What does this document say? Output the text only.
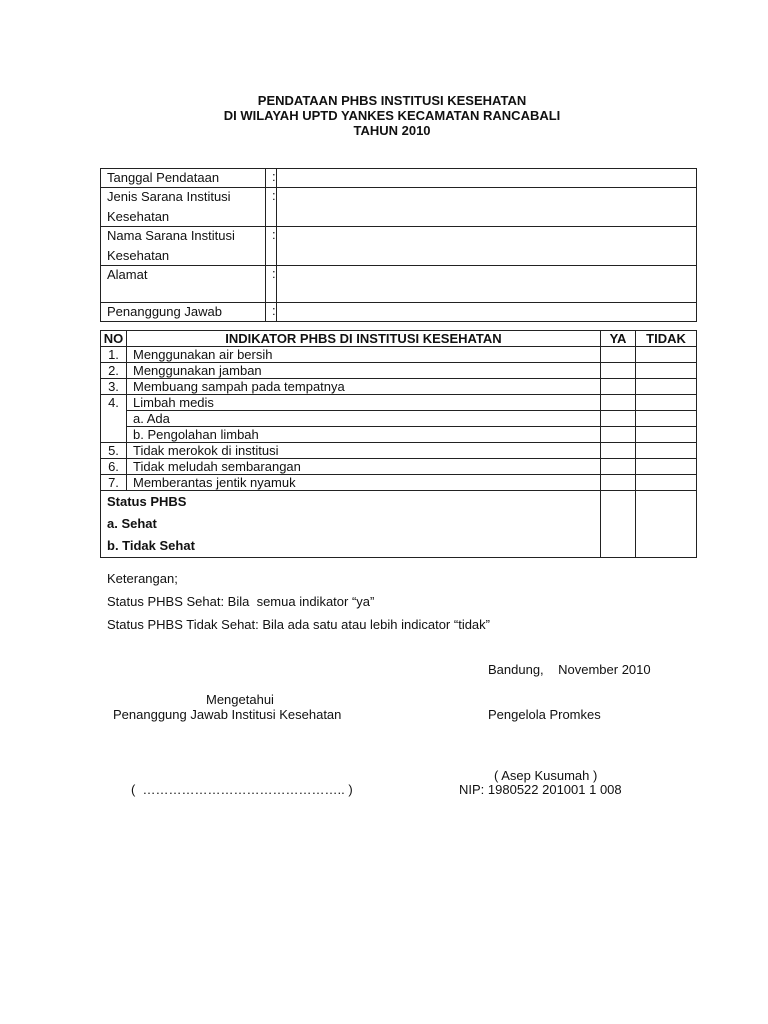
PENDATAAN PHBS INSTITUSI KESEHATAN
DI WILAYAH UPTD YANKES KECAMATAN RANCABALI
TAHUN 2010
Tanggal Pendataan	:	

Jenis Sarana Institusi
Kesehatan	:	

Nama Sarana Institusi
Kesehatan	:	
Alamat	:	
Penanggung Jawab	:	
NO	INDIKATOR PHBS DI INSTITUSI KESEHATAN	YA	TIDAK
1.	Menggunakan air bersih		
2.	Menggunakan jamban		
3.	Membuang sampah pada tempatnya		
4.	Limbah medis		
	a. Ada		
	b. Pengolahan limbah		
5.	Tidak merokok di institusi		
6.	Tidak meludah sembarangan		
7.	Memberantas jentik nyamuk		

Status PHBS
a. Sehat
b. Tidak Sehat			

Keterangan;
Status PHBS Sehat: Bila  semua indikator “ya”
Status PHBS Tidak Sehat: Bila ada satu atau lebih indicator “tidak”
Bandung,    November 2010
Mengetahui
Penanggung Jawab Institusi Kesehatan	Pengelola Promkes
( Asep Kusumah )
(  ……………………………………….. )	NIP: 1980522 201001 1 008
